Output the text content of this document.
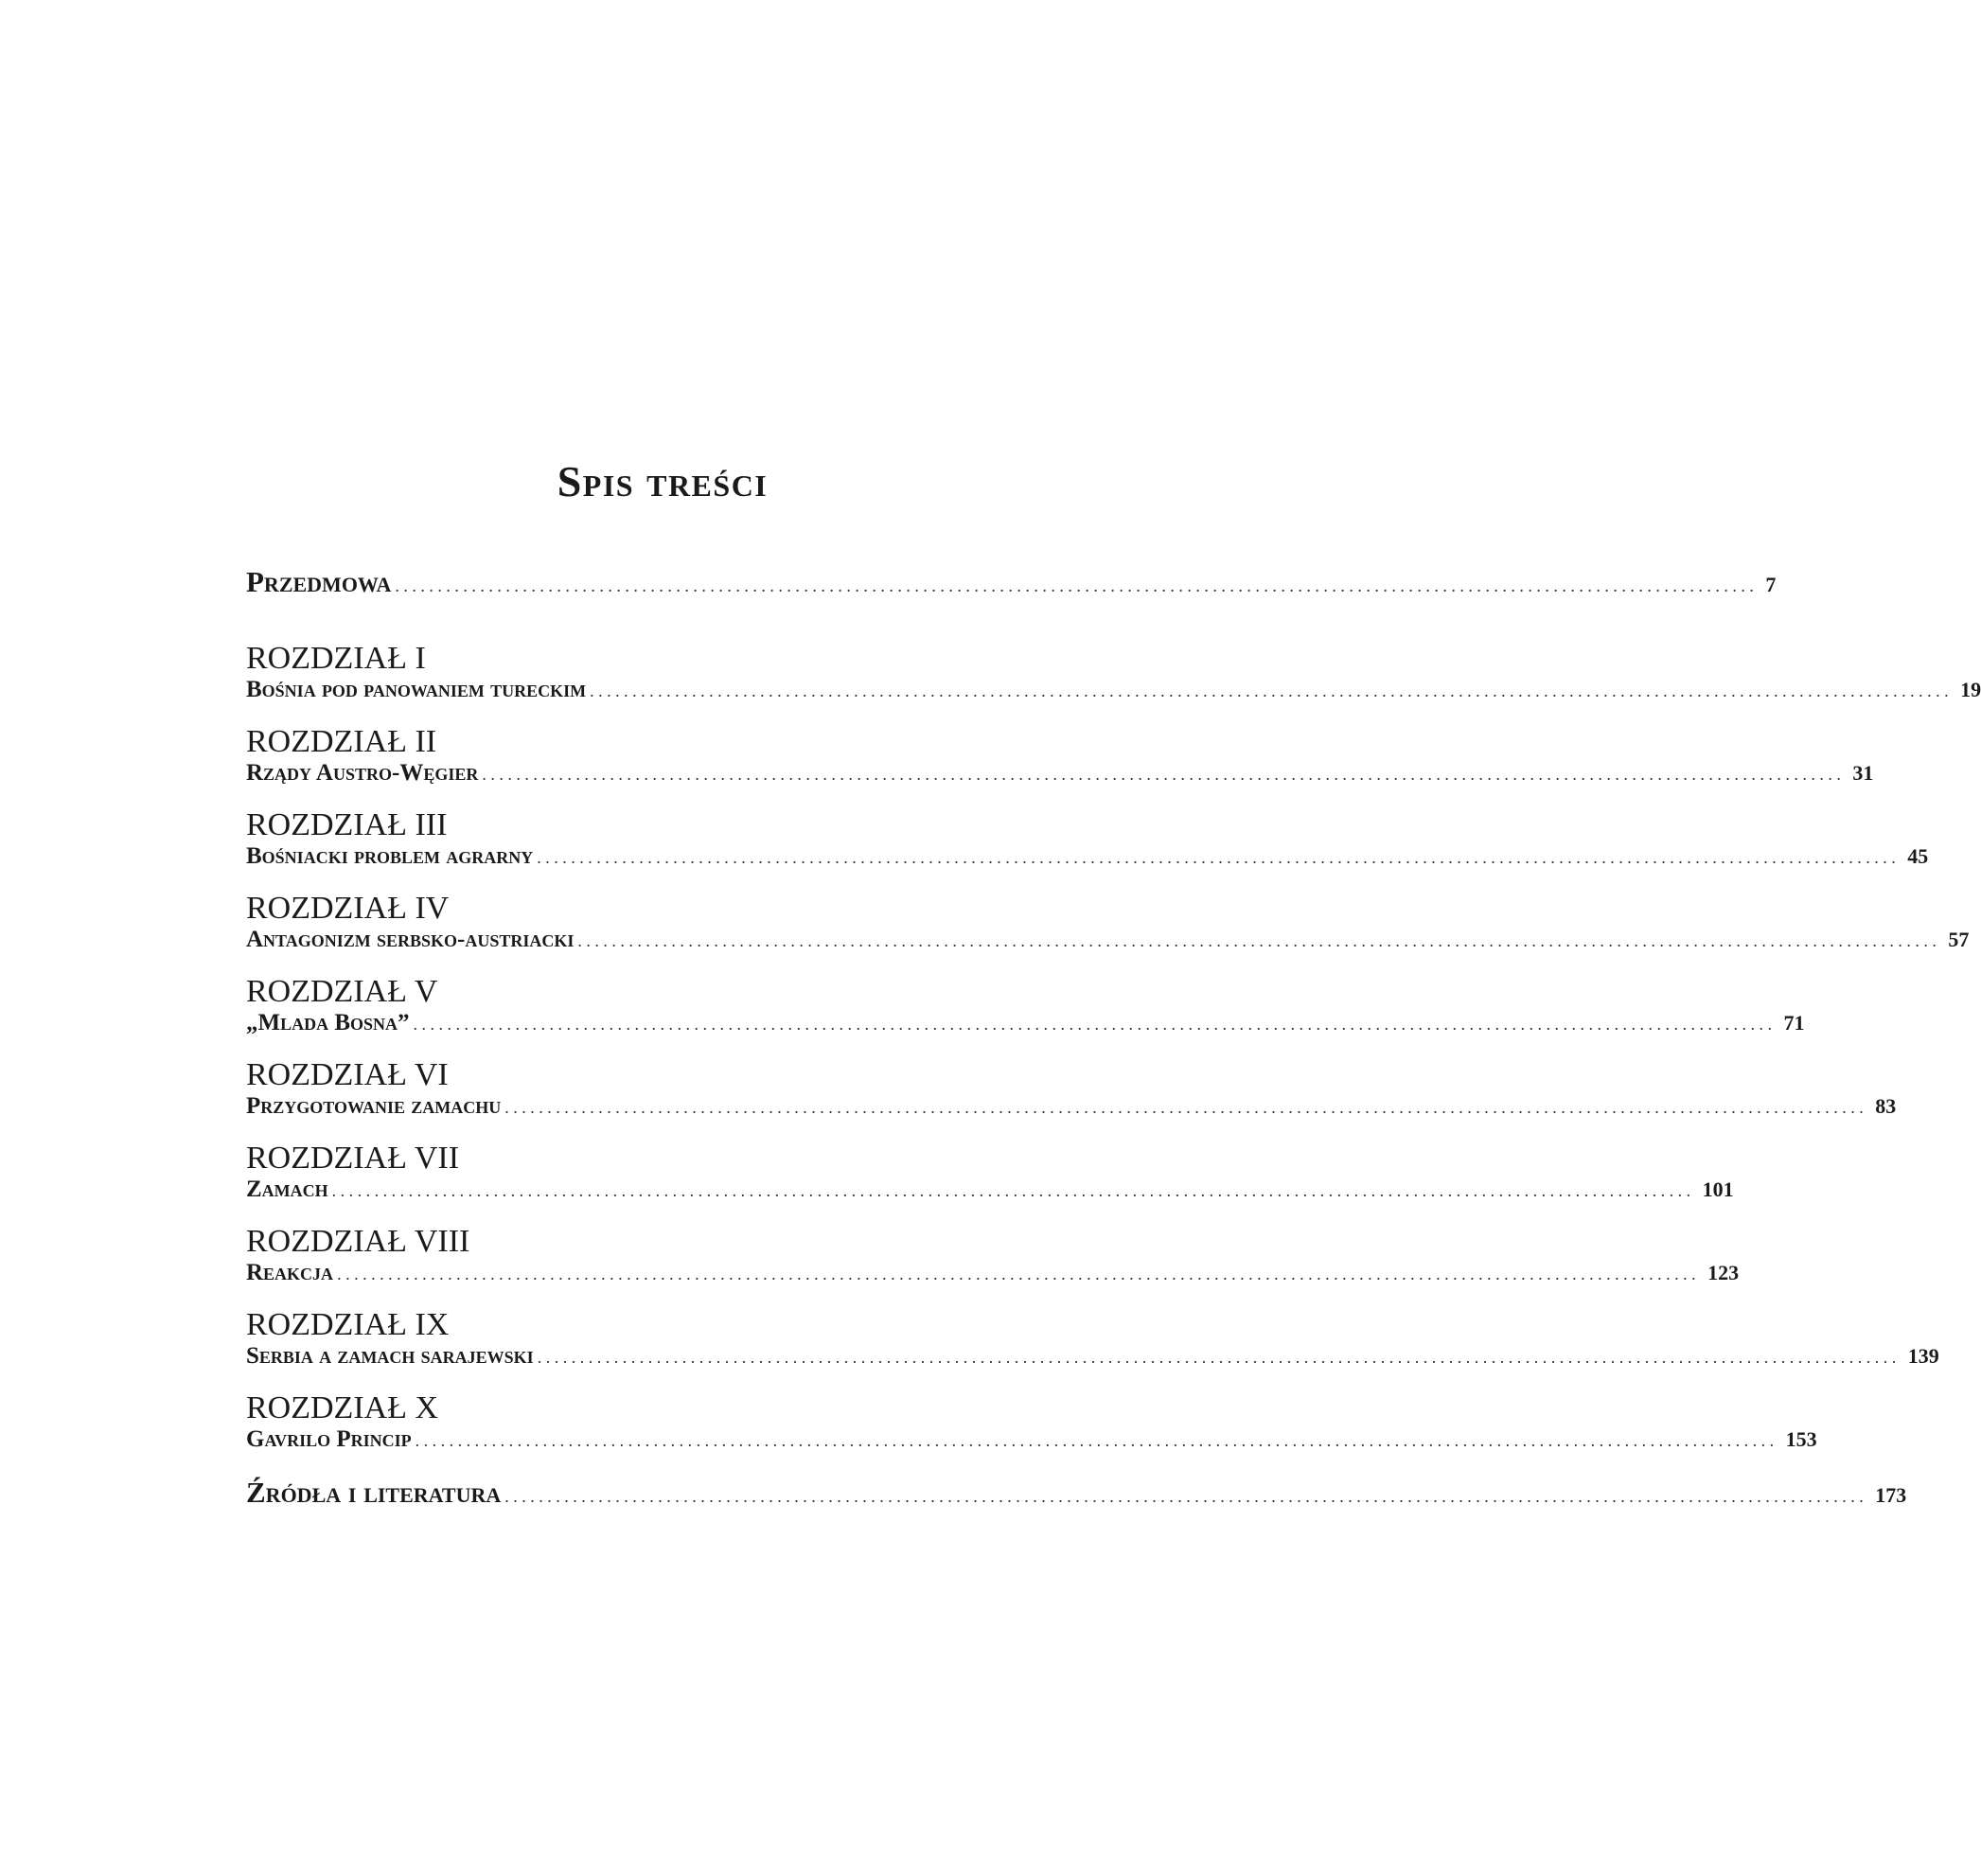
Spis treści
Przedmowa ................................................................................................................................................................ 7
ROZDZIAŁ I
Bośnia pod panowaniem tureckim ................................................................................................................................................................ 19
ROZDZIAŁ II
Rządy Austro-Węgier ................................................................................................................................................................ 31
ROZDZIAŁ III
Bośniacki problem agrarny ................................................................................................................................................................ 45
ROZDZIAŁ IV
Antagonizm serbsko-austriacki ................................................................................................................................................................ 57
ROZDZIAŁ V
„Mlada Bosna” ................................................................................................................................................................ 71
ROZDZIAŁ VI
Przygotowanie zamachu ................................................................................................................................................................ 83
ROZDZIAŁ VII
Zamach ................................................................................................................................................................ 101
ROZDZIAŁ VIII
Reakcja ................................................................................................................................................................ 123
ROZDZIAŁ IX
Serbia a zamach sarajewski ................................................................................................................................................................ 139
ROZDZIAŁ X
Gavrilo Princip ................................................................................................................................................................ 153
Źródła i literatura ................................................................................................................................................................ 173
